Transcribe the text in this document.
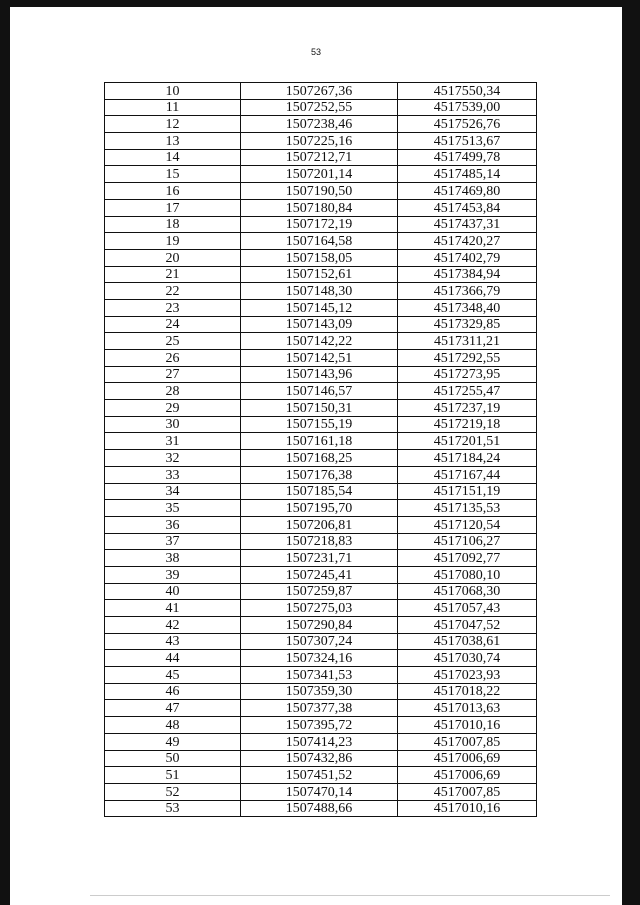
53
10	1507267,36	4517550,34
11	1507252,55	4517539,00
12	1507238,46	4517526,76
13	1507225,16	4517513,67
14	1507212,71	4517499,78
15	1507201,14	4517485,14
16	1507190,50	4517469,80
17	1507180,84	4517453,84
18	1507172,19	4517437,31
19	1507164,58	4517420,27
20	1507158,05	4517402,79
21	1507152,61	4517384,94
22	1507148,30	4517366,79
23	1507145,12	4517348,40
24	1507143,09	4517329,85
25	1507142,22	4517311,21
26	1507142,51	4517292,55
27	1507143,96	4517273,95
28	1507146,57	4517255,47
29	1507150,31	4517237,19
30	1507155,19	4517219,18
31	1507161,18	4517201,51
32	1507168,25	4517184,24
33	1507176,38	4517167,44
34	1507185,54	4517151,19
35	1507195,70	4517135,53
36	1507206,81	4517120,54
37	1507218,83	4517106,27
38	1507231,71	4517092,77
39	1507245,41	4517080,10
40	1507259,87	4517068,30
41	1507275,03	4517057,43
42	1507290,84	4517047,52
43	1507307,24	4517038,61
44	1507324,16	4517030,74
45	1507341,53	4517023,93
46	1507359,30	4517018,22
47	1507377,38	4517013,63
48	1507395,72	4517010,16
49	1507414,23	4517007,85
50	1507432,86	4517006,69
51	1507451,52	4517006,69
52	1507470,14	4517007,85
53	1507488,66	4517010,16
